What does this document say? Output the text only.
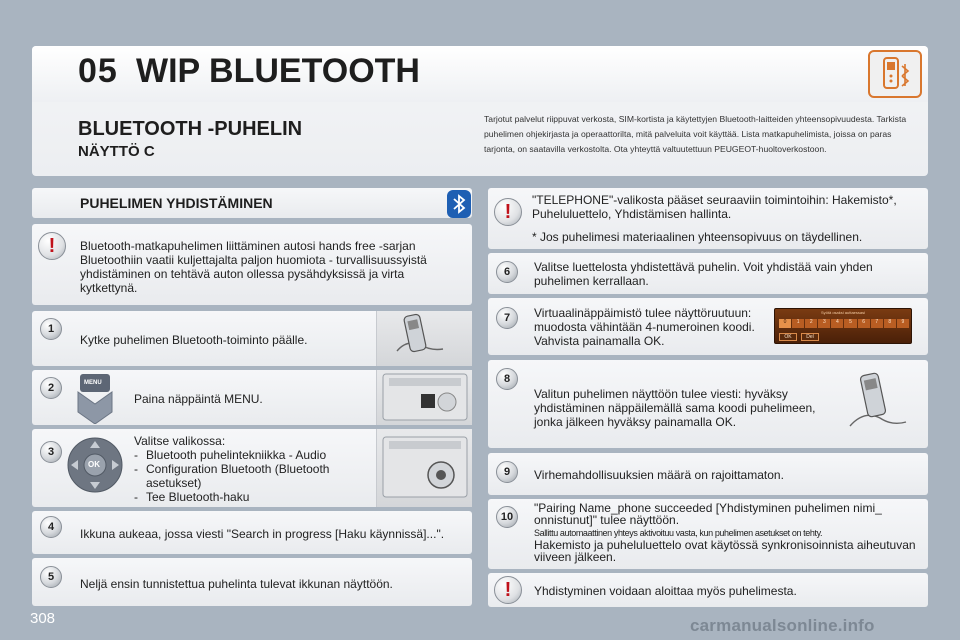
05 WIP BLUETOOTH
BLUETOOTH -PUHELIN
NÄYTTÖ C
Tarjotut palvelut riippuvat verkosta, SIM-kortista ja käytettyjen Bluetooth-laitteiden yhteensopivuudesta. Tarkista puhelimen ohjekirjasta ja operaattorilta, mitä palveluita voit käyttää. Lista matkapuhelimista, joissa on paras tarjonta, on saatavilla verkostolta. Ota yhteyttä valtuutettuun PEUGEOT-huoltoverkostoon.
PUHELIMEN YHDISTÄMINEN
!	Bluetooth-matkapuhelimen liittäminen autosi hands free -sarjan Bluetoothiin vaatii kuljettajalta paljon huomiota - turvallisuussyistä yhdistäminen on tehtävä auton ollessa pysähdyksissä ja virta kytkettynä.
1
Kytke puhelimen Bluetooth-toiminto päälle.
2	MENU
Paina näppäintä MENU.
3
OK
Valitse valikossa:
- Bluetooth puhelintekniikka - Audio
- Configuration Bluetooth (Bluetooth asetukset)
- Tee Bluetooth-haku
4	Ikkuna aukeaa, jossa viesti "Search in progress [Haku käynnissä]...".
5	Neljä ensin tunnistettua puhelinta tulevat ikkunan näyttöön.
!
"TELEPHONE"-valikosta pääset seuraaviin toimintoihin: Hakemisto*, Puheluluettelo, Yhdistämisen hallinta.
* Jos puhelimesi materiaalinen yhteensopivuus on täydellinen.
6	Valitse luettelosta yhdistettävä puhelin. Voit yhdistää vain yhden puhelimen kerrallaan.
7	Virtuaalinäppäimistö tulee näyttöruutuun: muodosta vähintään 4-numeroinen koodi. Vahvista painamalla OK.
Syötä osaksi auttaessasi
0	1	2	3	4	5	6	7	8	9
OK	Del
8
Valitun puhelimen näyttöön tulee viesti: hyväksy yhdistäminen näppäilemällä sama koodi puhelimeen, jonka jälkeen hyväksy painamalla OK.
9	Virhemahdollisuuksien määrä on rajoittamaton.
10
"Pairing Name_phone succeeded [Yhdistyminen puhelimen nimi_ onnistunut]" tulee näyttöön.
Sallittu automaattinen yhteys aktivoituu vasta, kun puhelimen asetukset on tehty.
Hakemisto ja puheluluettelo ovat käytössä synkronisoinnista aiheutuvan viiveen jälkeen.
!	Yhdistyminen voidaan aloittaa myös puhelimesta.
308	carmanualsonline.info
